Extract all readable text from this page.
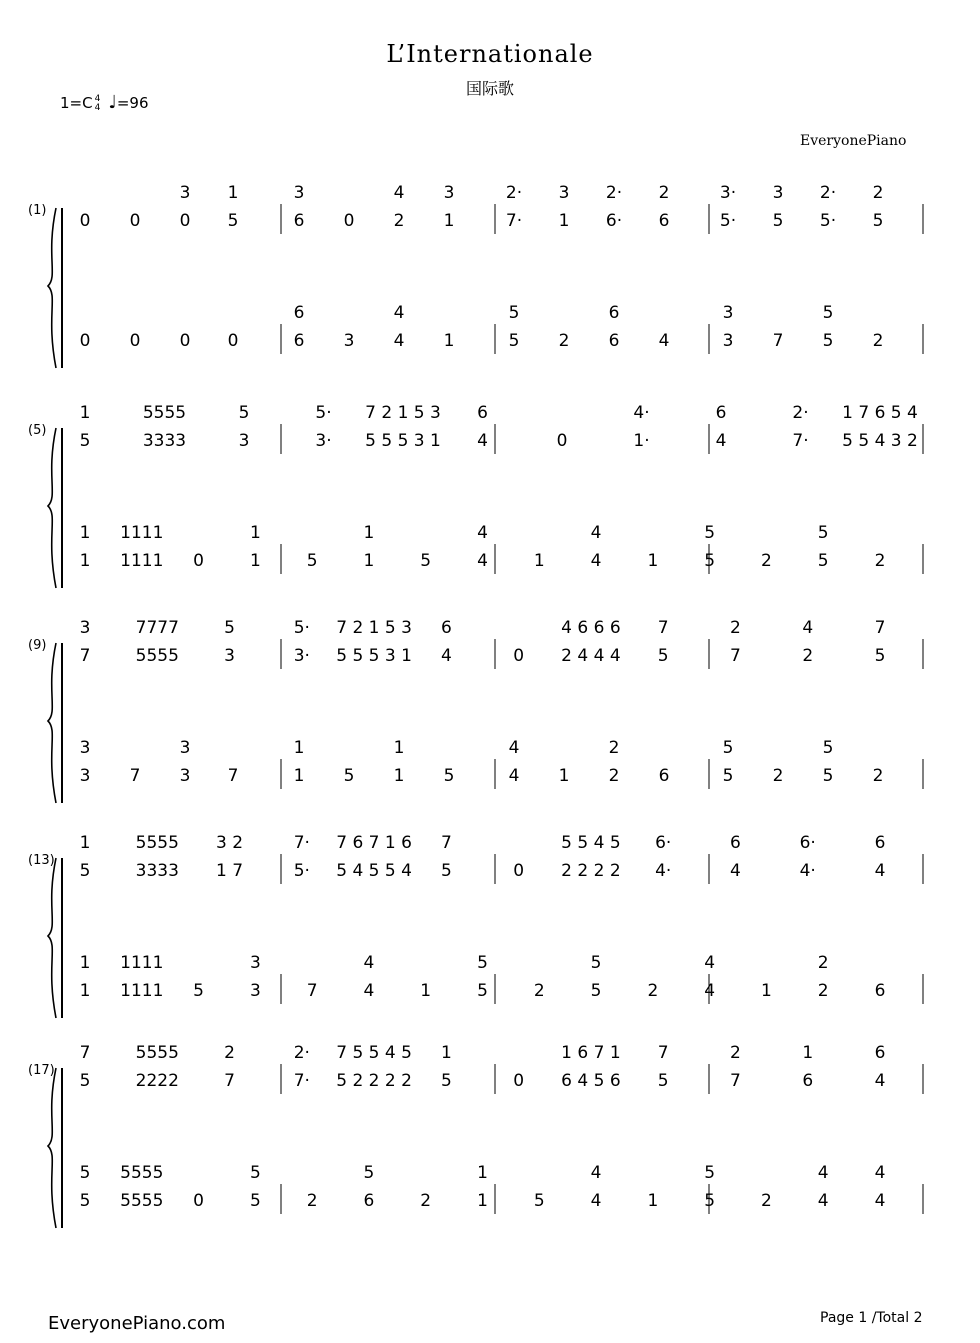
L’Internationale
国际歌
1=C 4
4 ♩=96
EveryonePiano
(1)
3 1	3	4 3	2· 3 2· 2	3· 3 2· 2
0 0 0 5	6 0 2 1	7· 1 6· 6	5· 5 5· 5
6	4	5	6	3	5
0 0 0 0	6 3 4 1	5 2 6 4	3 7 5 2
(5)
1	5555	5	5· 7 2 1 5 3 6	4·	6	2· 1 7 6 5 4
5	3333	3	3· 5 5 5 3 1 4	0	1·	4	7· 5 5 4 3 2
1 1111	1	1	4	4	5	5
1 1111 0	1	5	1	5	4	1	4	1	5	2	5	2
(9)
3	7777	5	5· 7 2 1 5 3 6	4 6 6 6 7	2	4	7
7	5555	3	3· 5 5 5 3 1 4	0 2 4 4 4 5	7	2	5
3	3	1	1	4	2	5	5
3 7 3 7	1 5 1 5	4 1 2 6	5 2 5 2
(13)
1	5555 3 2	7· 7 6 7 1 6 7	5 5 4 5 6·	6	6·	6
5	3333 1 7	5· 5 4 5 5 4 5	0 2 2 2 2 4·	4	4·	4
1 1111	3	4	5	5	4	2
1 1111 5	3	7	4	1	5	2	5	2	4	1	2	6
(17)
7	5555	2	2· 7 5 5 4 5 1	1 6 7 1 7	2	1	6
5	2222	7	7· 5 2 2 2 2 5	0 6 4 5 6 5	7	6	4
5 5555	5	5	1	4	5	4	4
5 5555 0	5	2	6	2	1	5	4	1	5	2	4	4
EveryonePiano.com	Page 1 /Total 2
